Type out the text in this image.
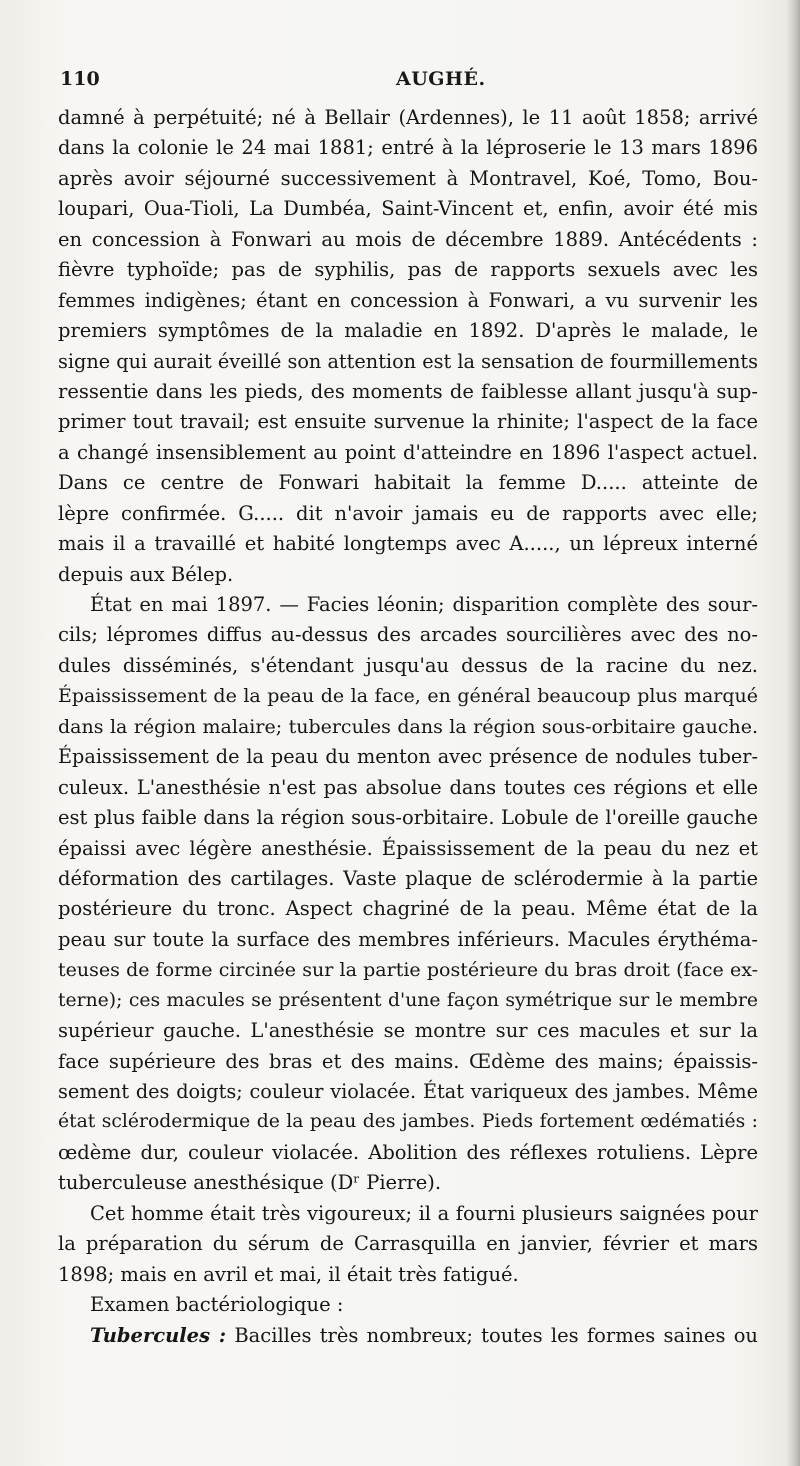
110	AUGHÉ.
damné à perpétuité; né à Bellair (Ardennes), le 11 août 1858; arrivé
dans la colonie le 24 mai 1881; entré à la léproserie le 13 mars 1896
après avoir séjourné successivement à Montravel, Koé, Tomo, Bou-
loupari, Oua-Tioli, La Dumbéa, Saint-Vincent et, enfin, avoir été mis
en concession à Fonwari au mois de décembre 1889. Antécédents :
fièvre typhoïde; pas de syphilis, pas de rapports sexuels avec les
femmes indigènes; étant en concession à Fonwari, a vu survenir les
premiers symptômes de la maladie en 1892. D'après le malade, le
signe qui aurait éveillé son attention est la sensation de fourmillements
ressentie dans les pieds, des moments de faiblesse allant jusqu'à sup-
primer tout travail; est ensuite survenue la rhinite; l'aspect de la face
a changé insensiblement au point d'atteindre en 1896 l'aspect actuel.
Dans ce centre de Fonwari habitait la femme D..... atteinte de
lèpre confirmée. G..... dit n'avoir jamais eu de rapports avec elle;
mais il a travaillé et habité longtemps avec A....., un lépreux interné
depuis aux Bélep.
État en mai 1897. — Facies léonin; disparition complète des sour-
cils; lépromes diffus au-dessus des arcades sourcilières avec des no-
dules disséminés, s'étendant jusqu'au dessus de la racine du nez.
Épaississement de la peau de la face, en général beaucoup plus marqué
dans la région malaire; tubercules dans la région sous-orbitaire gauche.
Épaississement de la peau du menton avec présence de nodules tuber-
culeux. L'anesthésie n'est pas absolue dans toutes ces régions et elle
est plus faible dans la région sous-orbitaire. Lobule de l'oreille gauche
épaissi avec légère anesthésie. Épaississement de la peau du nez et
déformation des cartilages. Vaste plaque de sclérodermie à la partie
postérieure du tronc. Aspect chagriné de la peau. Même état de la
peau sur toute la surface des membres inférieurs. Macules érythéma-
teuses de forme circinée sur la partie postérieure du bras droit (face ex-
terne); ces macules se présentent d'une façon symétrique sur le membre
supérieur gauche. L'anesthésie se montre sur ces macules et sur la
face supérieure des bras et des mains. Œdème des mains; épaissis-
sement des doigts; couleur violacée. État variqueux des jambes. Même
état sclérodermique de la peau des jambes. Pieds fortement œdématiés :
œdème dur, couleur violacée. Abolition des réflexes rotuliens. Lèpre
tuberculeuse anesthésique (Dʳ Pierre).
Cet homme était très vigoureux; il a fourni plusieurs saignées pour
la préparation du sérum de Carrasquilla en janvier, février et mars
1898; mais en avril et mai, il était très fatigué.
Examen bactériologique :
Tubercules : Bacilles très nombreux; toutes les formes saines ou
